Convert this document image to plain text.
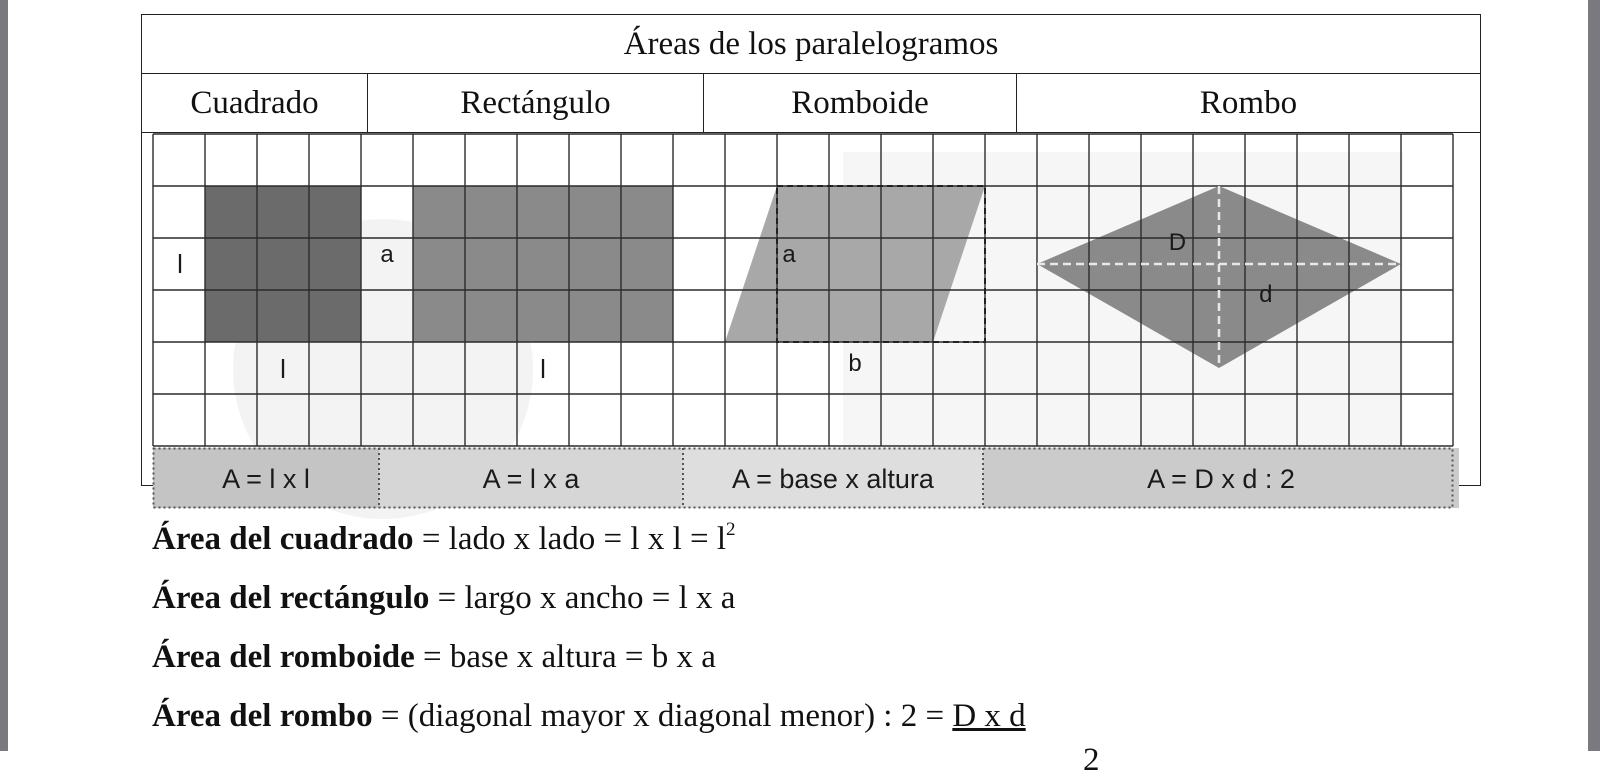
Áreas de los paralelogramos
Cuadrado	Rectángulo	Romboide	Rombo

l
l
a
l
a
b
D
d
A = l x l	A = l x a	A = base x altura	A = D x d : 2
Área del cuadrado = lado x lado = l x $l = l^2$
Área del rectángulo = largo x ancho = l x a
Área del romboide = base x altura = b x a
Área del rombo = (diagonal mayor x diagonal menor) : 2 = D x d
2
